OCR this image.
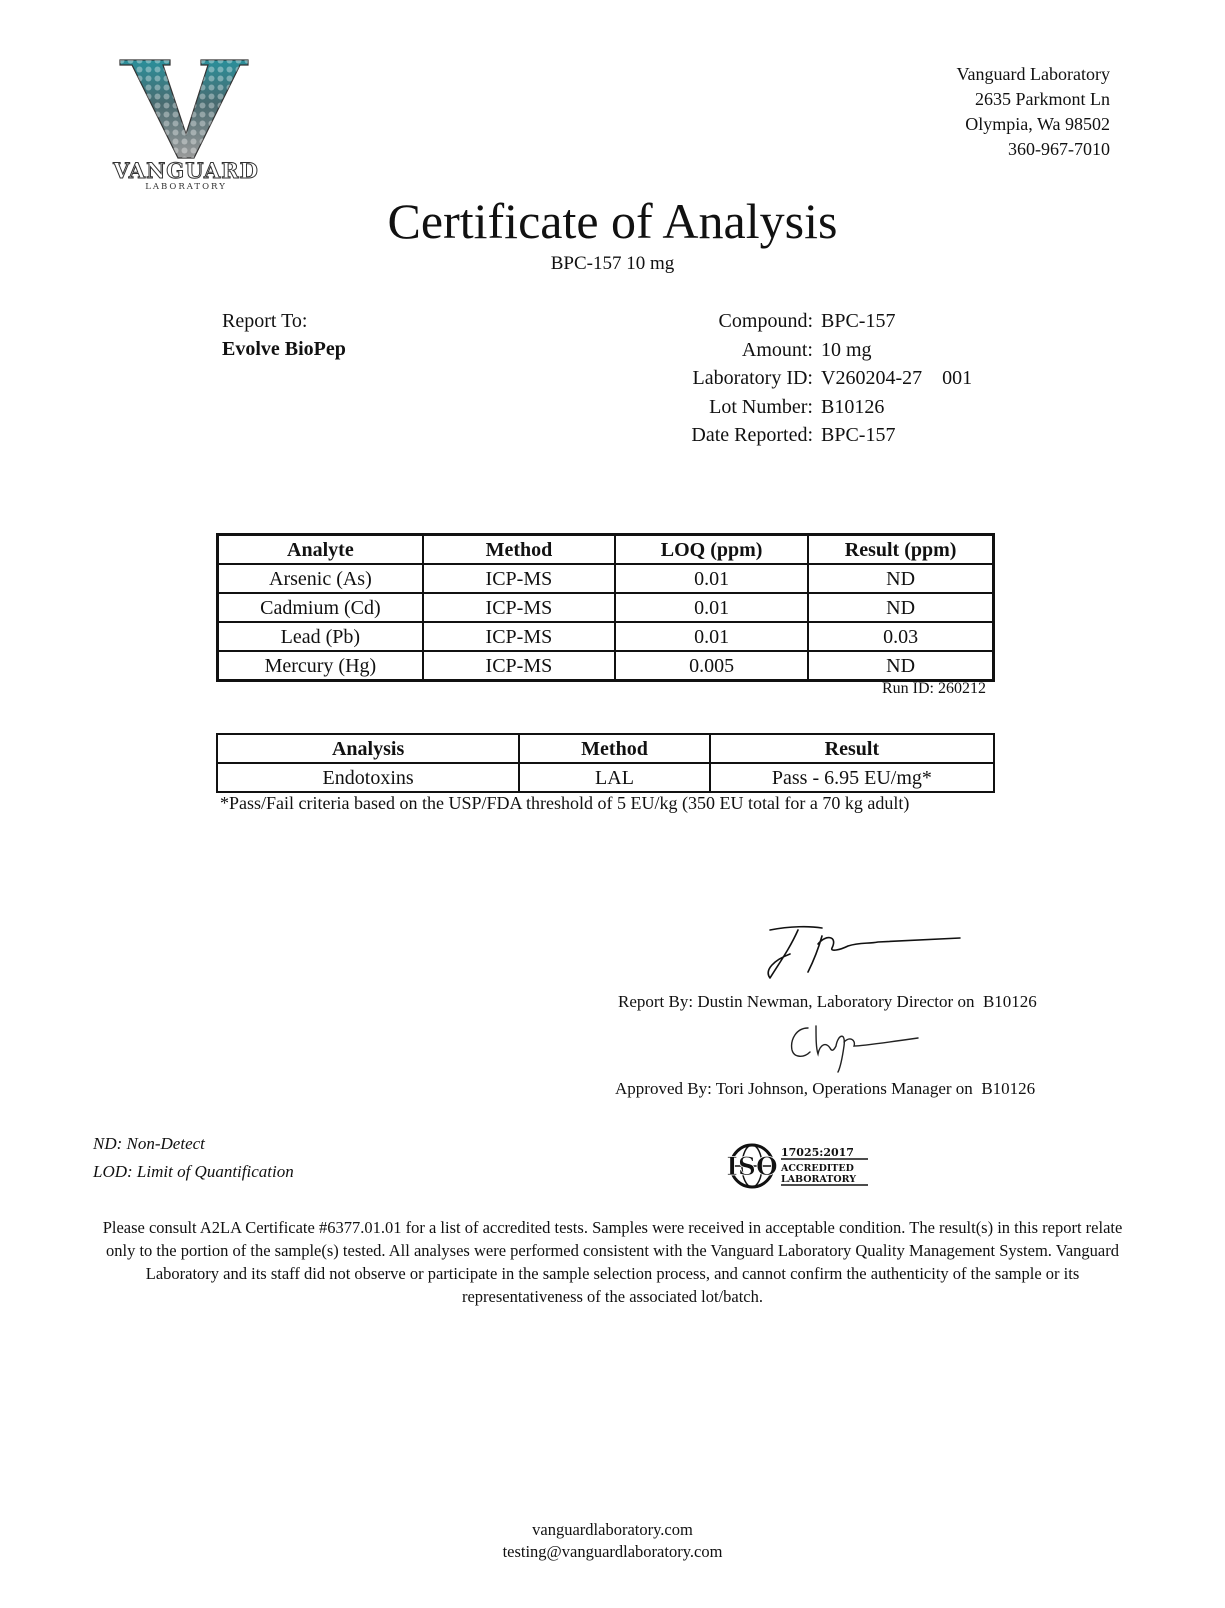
VANGUARD
LABORATORY
Vanguard Laboratory
2635 Parkmont Ln
Olympia, Wa 98502
360-967-7010
Certificate of Analysis
BPC-157 10 mg
Report To:
Evolve BioPep
Compound: BPC-157
Amount: 10 mg
Laboratory ID: V260204-27    001
Lot Number: B10126
Date Reported: BPC-157
Analyte	Method	LOQ (ppm)	Result (ppm)
Arsenic (As)	ICP-MS	0.01	ND
Cadmium (Cd)	ICP-MS	0.01	ND
Lead (Pb)	ICP-MS	0.01	0.03
Mercury (Hg)	ICP-MS	0.005	ND
Run ID: 260212
Analysis	Method	Result
Endotoxins	LAL	Pass - 6.95 EU/mg*
*Pass/Fail criteria based on the USP/FDA threshold of 5 EU/kg (350 EU total for a 70 kg adult)
Report By: Dustin Newman, Laboratory Director on B10126
Approved By: Tori Johnson, Operations Manager on B10126
ND: Non-Detect
LOD: Limit of Quantification	ISO 17025:2017
ACCREDITED
LABORATORY
Please consult A2LA Certificate #6377.01.01 for a list of accredited tests. Samples were received in acceptable condition. The result(s) in this report relate only to the portion of the sample(s) tested. All analyses were performed consistent with the Vanguard Laboratory Quality Management System. Vanguard Laboratory and its staff did not observe or participate in the sample selection process, and cannot confirm the authenticity of the sample or its representativeness of the associated lot/batch.
vanguardlaboratory.com
testing@vanguardlaboratory.com
